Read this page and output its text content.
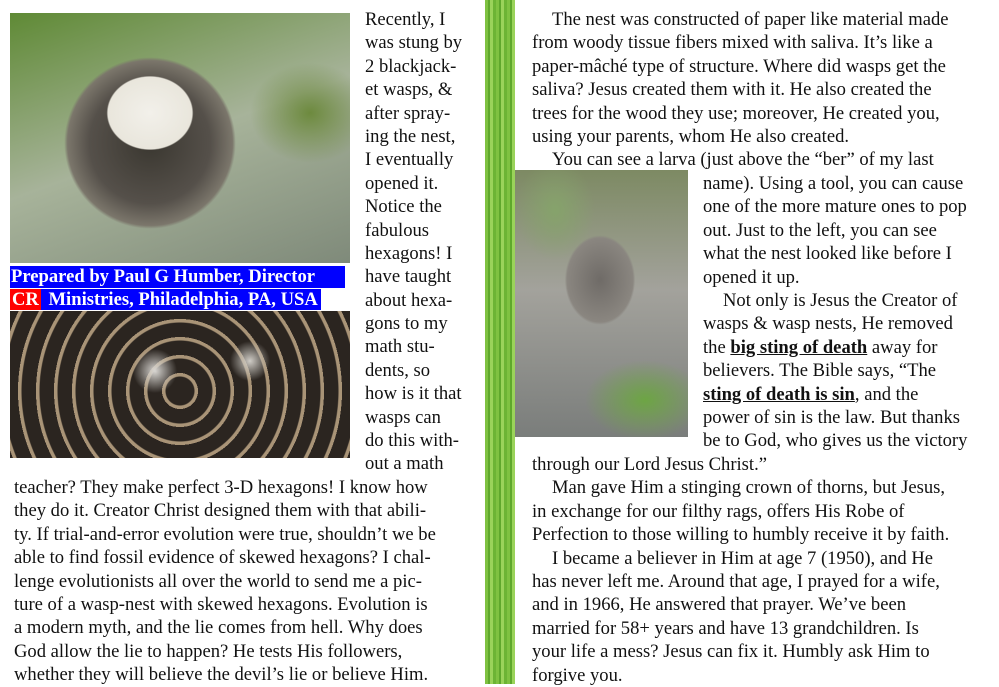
Prepared by Paul G Humber, Director
CR Ministries, Philadelphia, PA, USA
Recently, I
was stung by
2 blackjack-
et wasps, &
after spray-
ing the nest,
I eventually
opened it.
Notice the
fabulous
hexagons! I
have taught
about hexa-
gons to my
math stu-
dents, so
how is it that
wasps can
do this with-
out a math
teacher? They make perfect 3-D hexagons! I know how
they do it. Creator Christ designed them with that abili-
ty. If trial-and-error evolution were true, shouldn’t we be
able to find fossil evidence of skewed hexagons? I chal-
lenge evolutionists all over the world to send me a pic-
ture of a wasp-nest with skewed hexagons. Evolution is
a modern myth, and the lie comes from hell. Why does
God allow the lie to happen? He tests His followers,
whether they will believe the devil’s lie or believe Him.
The nest was constructed of paper like material made
from woody tissue fibers mixed with saliva. It’s like a
paper-mâché type of structure. Where did wasps get the
saliva? Jesus created them with it. He also created the
trees for the wood they use; moreover, He created you,
using your parents, whom He also created.
You can see a larva (just above the “ber” of my last
name). Using a tool, you can cause
one of the more mature ones to pop
out. Just to the left, you can see
what the nest looked like before I
opened it up.
Not only is Jesus the Creator of
wasps & wasp nests, He removed
the big sting of death away for
believers. The Bible says, “The
sting of death is sin, and the
power of sin is the law. But thanks
be to God, who gives us the victory
through our Lord Jesus Christ.”
Man gave Him a stinging crown of thorns, but Jesus,
in exchange for our filthy rags, offers His Robe of
Perfection to those willing to humbly receive it by faith.
I became a believer in Him at age 7 (1950), and He
has never left me. Around that age, I prayed for a wife,
and in 1966, He answered that prayer. We’ve been
married for 58+ years and have 13 grandchildren. Is
your life a mess? Jesus can fix it. Humbly ask Him to
forgive you.
